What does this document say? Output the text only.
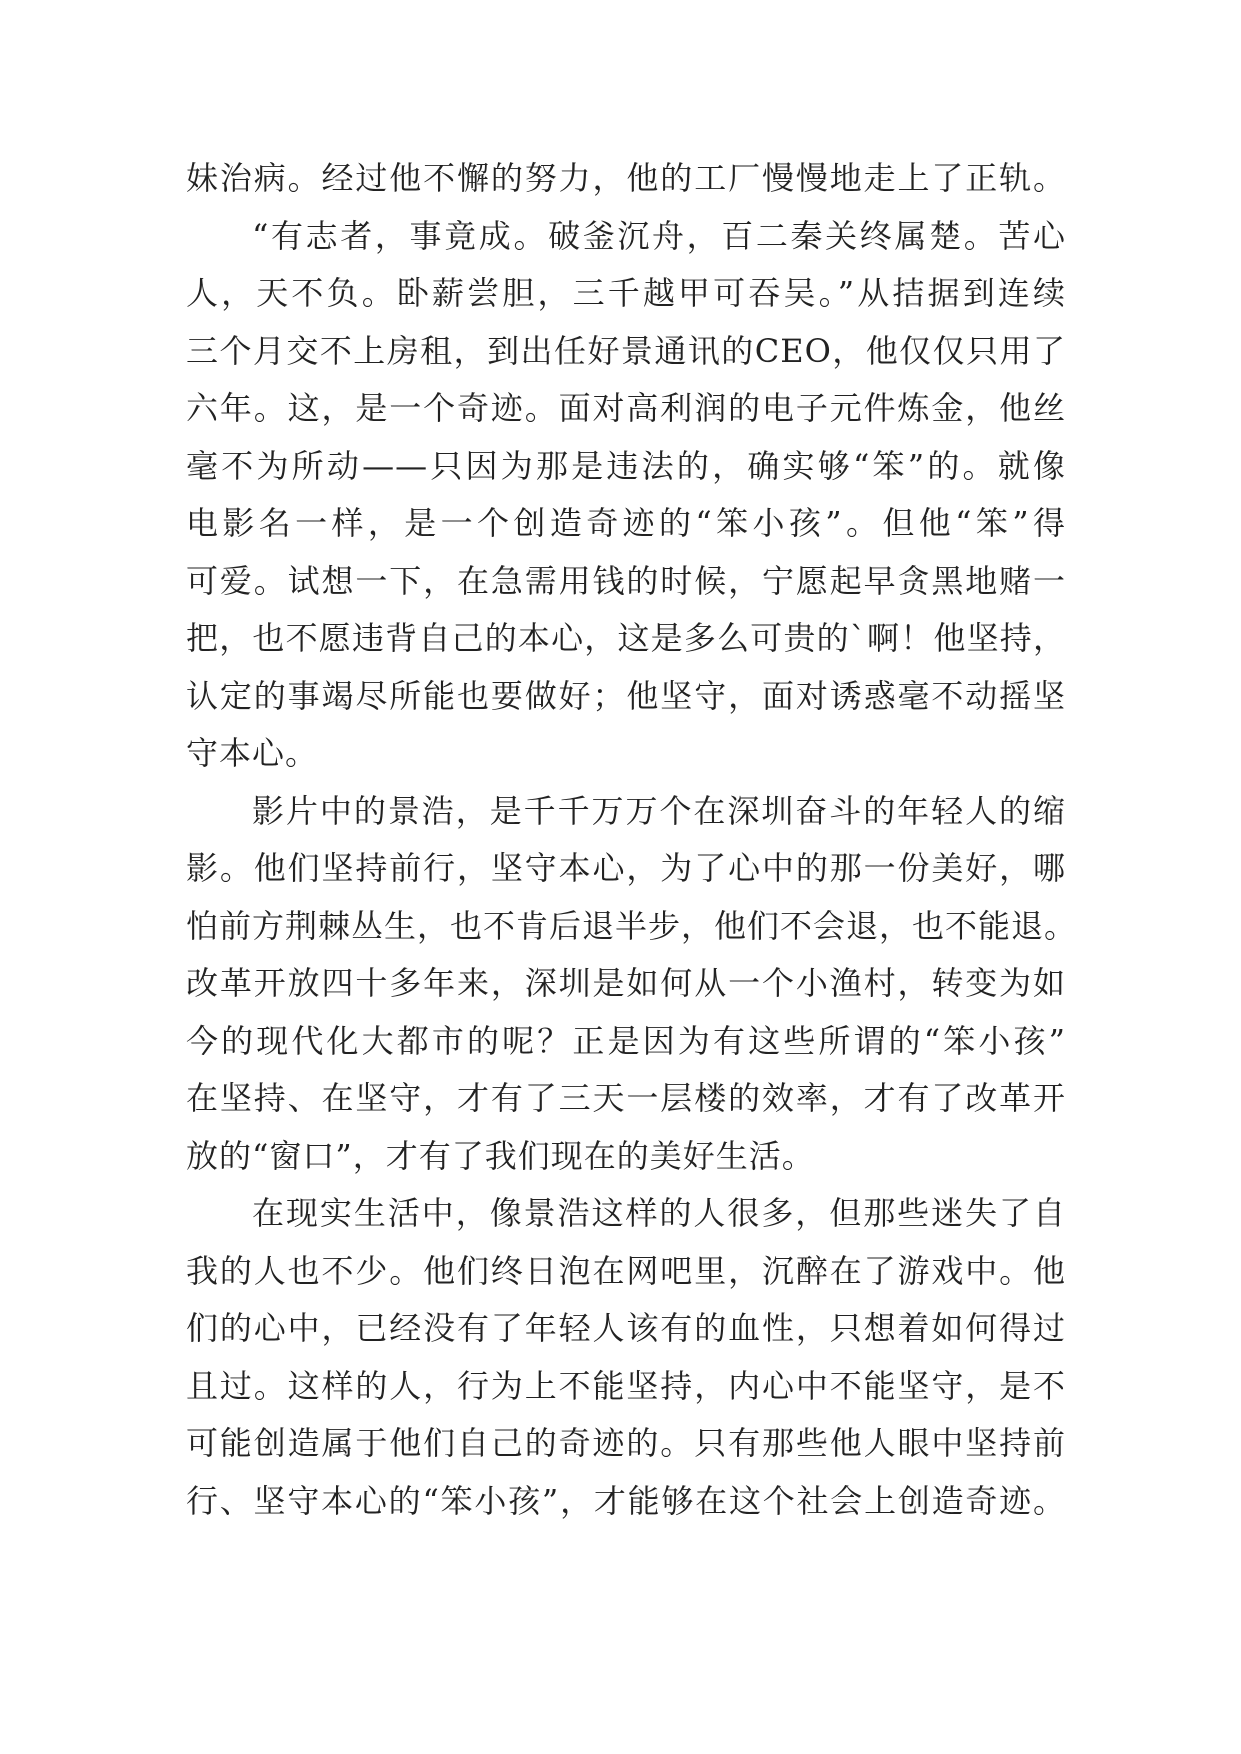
妹治病。经过他不懈的努力，他的工厂慢慢地走上了正轨。
“有志者，事竟成。破釜沉舟，百二秦关终属楚。苦心
人，天不负。卧薪尝胆，三千越甲可吞吴。”从拮据到连续
三个月交不上房租，到出任好景通讯的CEO，他仅仅只用了
六年。这，是一个奇迹。面对高利润的电子元件炼金，他丝
毫不为所动——只因为那是违法的，确实够“笨”的。就像
电影名一样，是一个创造奇迹的“笨小孩”。但他“笨”得
可爱。试想一下，在急需用钱的时候，宁愿起早贪黑地赌一
把，也不愿违背自己的本心，这是多么可贵的`啊！他坚持，
认定的事竭尽所能也要做好；他坚守，面对诱惑毫不动摇坚
守本心。
影片中的景浩，是千千万万个在深圳奋斗的年轻人的缩
影。他们坚持前行，坚守本心，为了心中的那一份美好，哪
怕前方荆棘丛生，也不肯后退半步，他们不会退，也不能退。
改革开放四十多年来，深圳是如何从一个小渔村，转变为如
今的现代化大都市的呢？正是因为有这些所谓的“笨小孩”
在坚持、在坚守，才有了三天一层楼的效率，才有了改革开
放的“窗口”，才有了我们现在的美好生活。
在现实生活中，像景浩这样的人很多，但那些迷失了自
我的人也不少。他们终日泡在网吧里，沉醉在了游戏中。他
们的心中，已经没有了年轻人该有的血性，只想着如何得过
且过。这样的人，行为上不能坚持，内心中不能坚守，是不
可能创造属于他们自己的奇迹的。只有那些他人眼中坚持前
行、坚守本心的“笨小孩”，才能够在这个社会上创造奇迹。
